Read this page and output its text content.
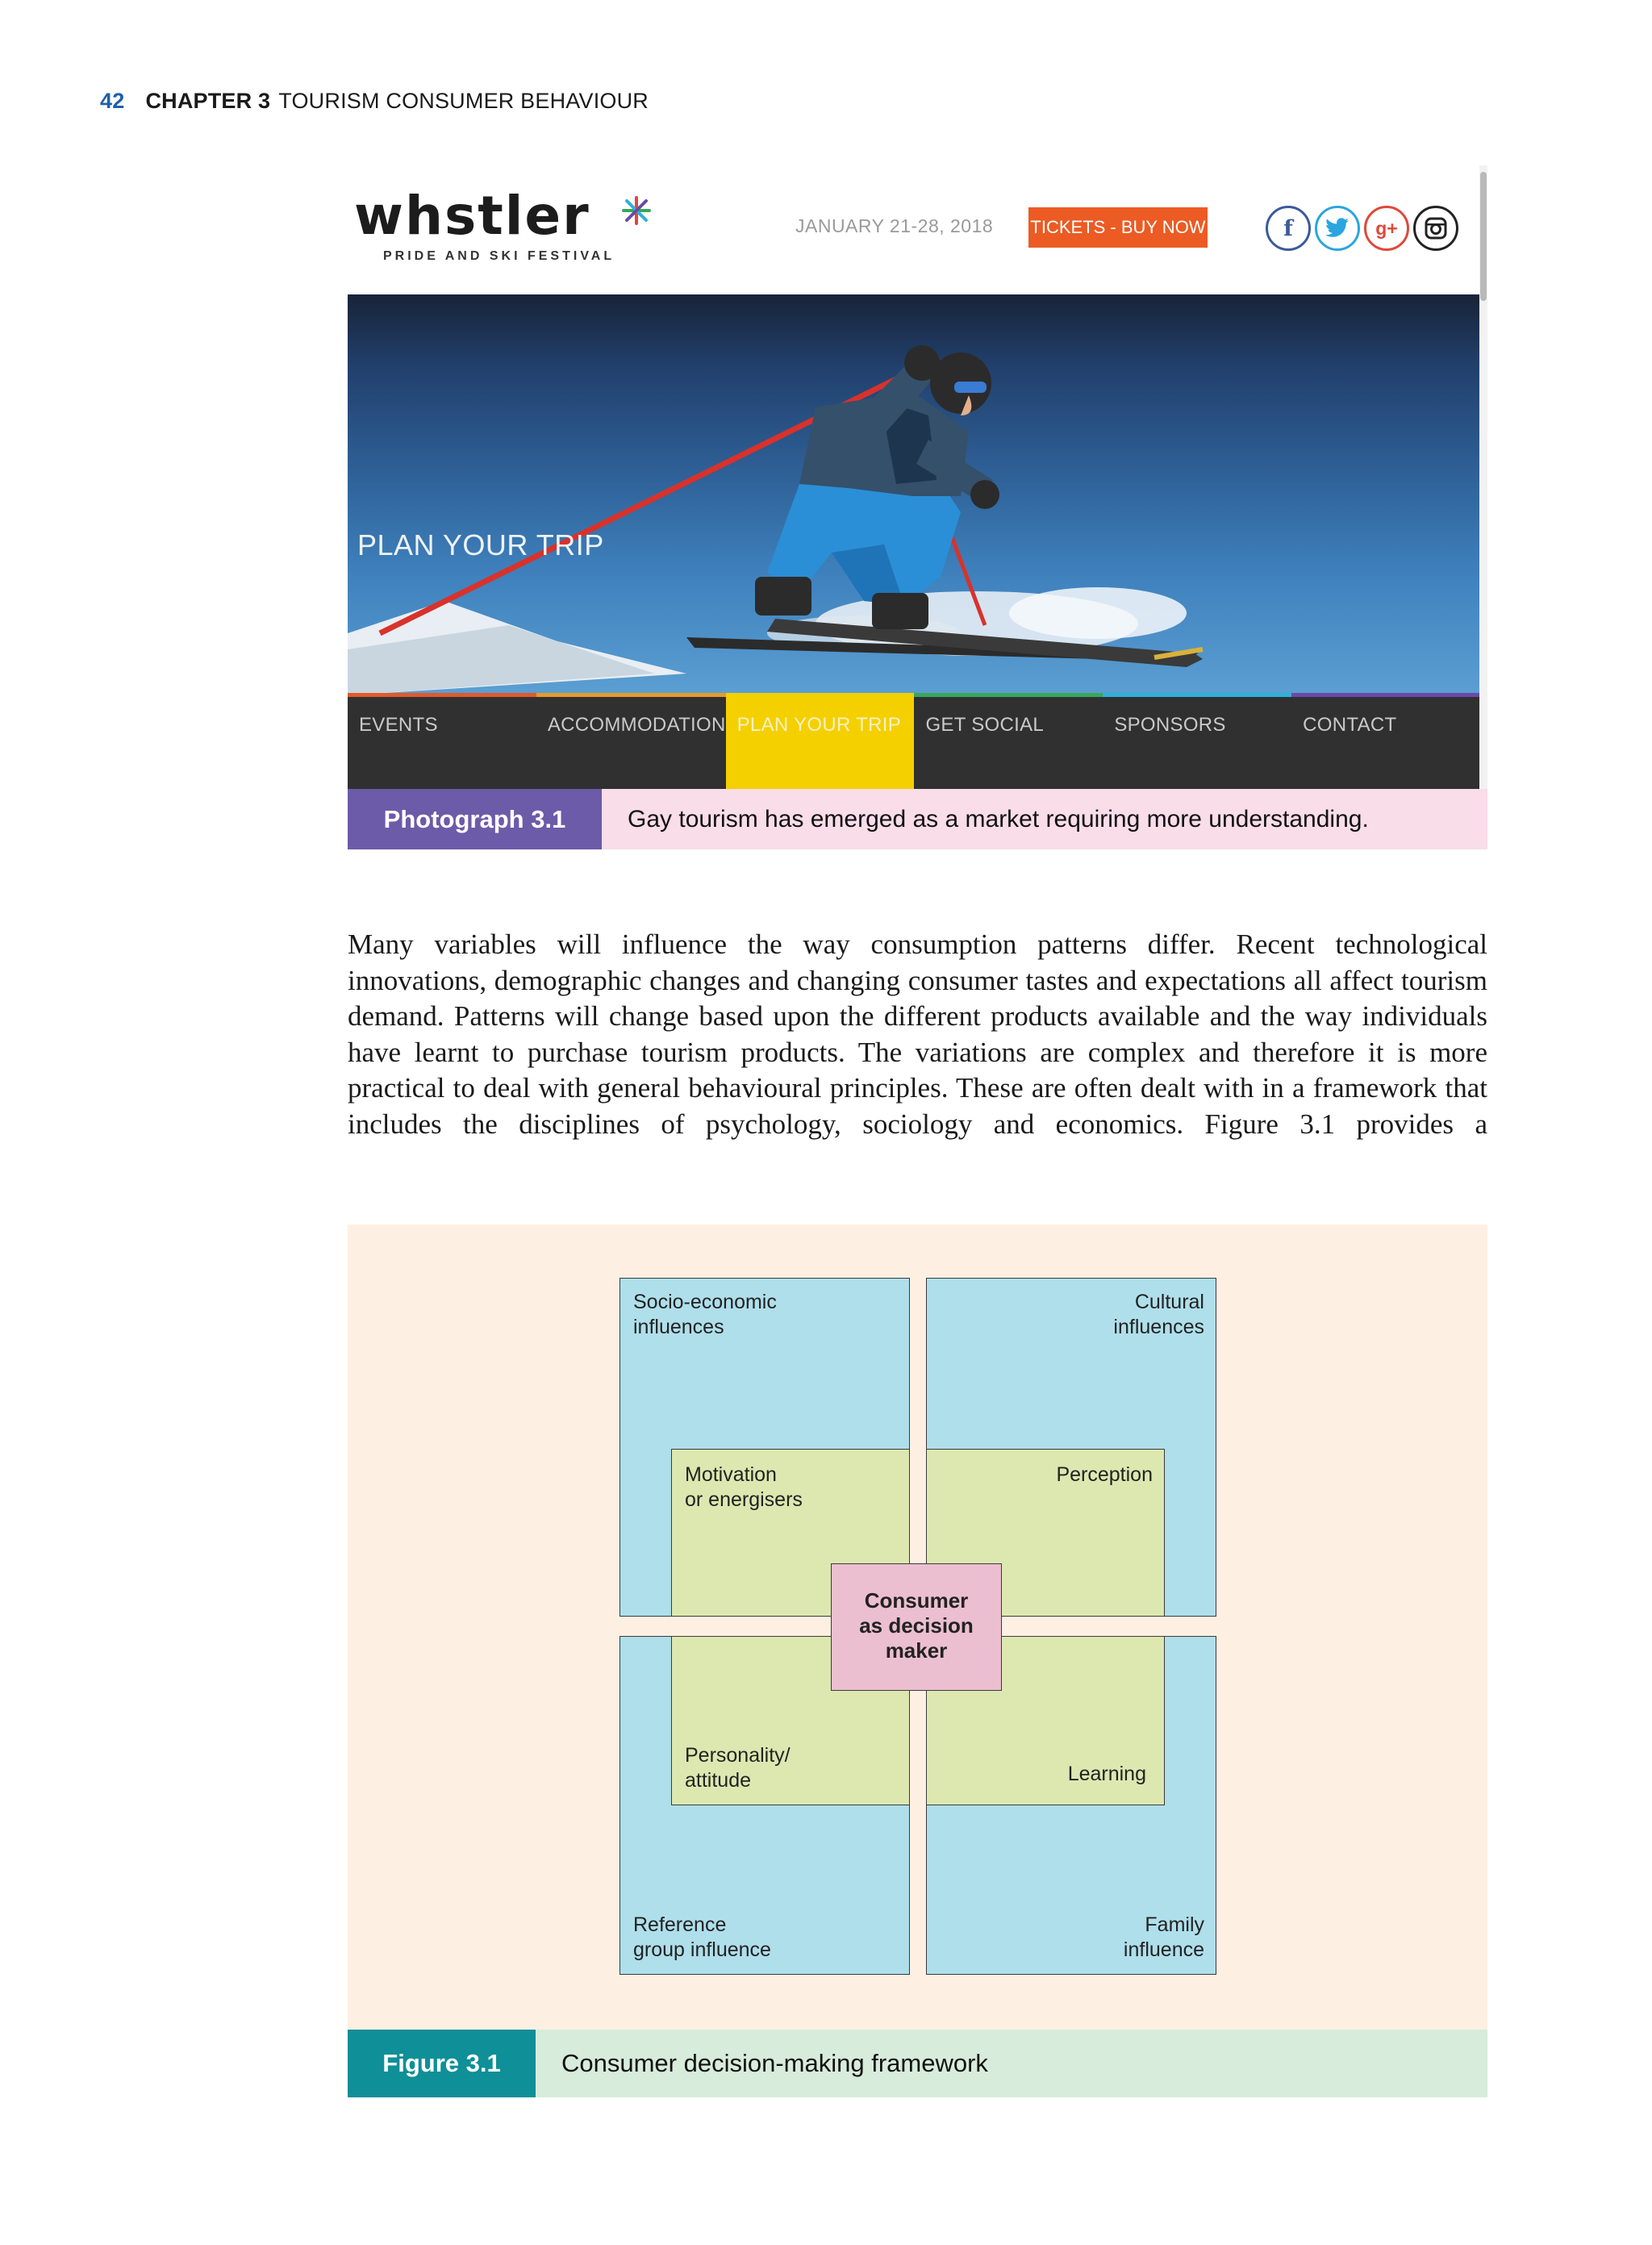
42 CHAPTER 3 TOURISM CONSUMER BEHAVIOUR
whstler
PRIDE AND SKI FESTIVAL
JANUARY 21-28, 2018 TICKETS - BUY NOW	f	g+
PLAN YOUR TRIP
EVENTS	ACCOMMODATION PLAN YOUR TRIP	GET SOCIAL	SPONSORS	CONTACT
Photograph 3.1	Gay tourism has emerged as a market requiring more understanding.
Many variables will influence the way consumption patterns differ. Recent technological innovations, demographic changes and changing consumer tastes and expectations all affect tourism demand. Patterns will change based upon the different products available and the way individuals have learnt to purchase tourism products. The variations are complex and therefore it is more practical to deal with general behavioural principles. These are often dealt with in a framework that includes the disciplines of psychology, sociology and economics. Figure 3.1 provides a
Socio-economic
influences
Cultural
influences
Reference
group influence
Family
influence
Motivation
or energisers
Perception
Personality/
attitude	Learning
Consumer
as decision
maker
Figure 3.1	Consumer decision-making framework
